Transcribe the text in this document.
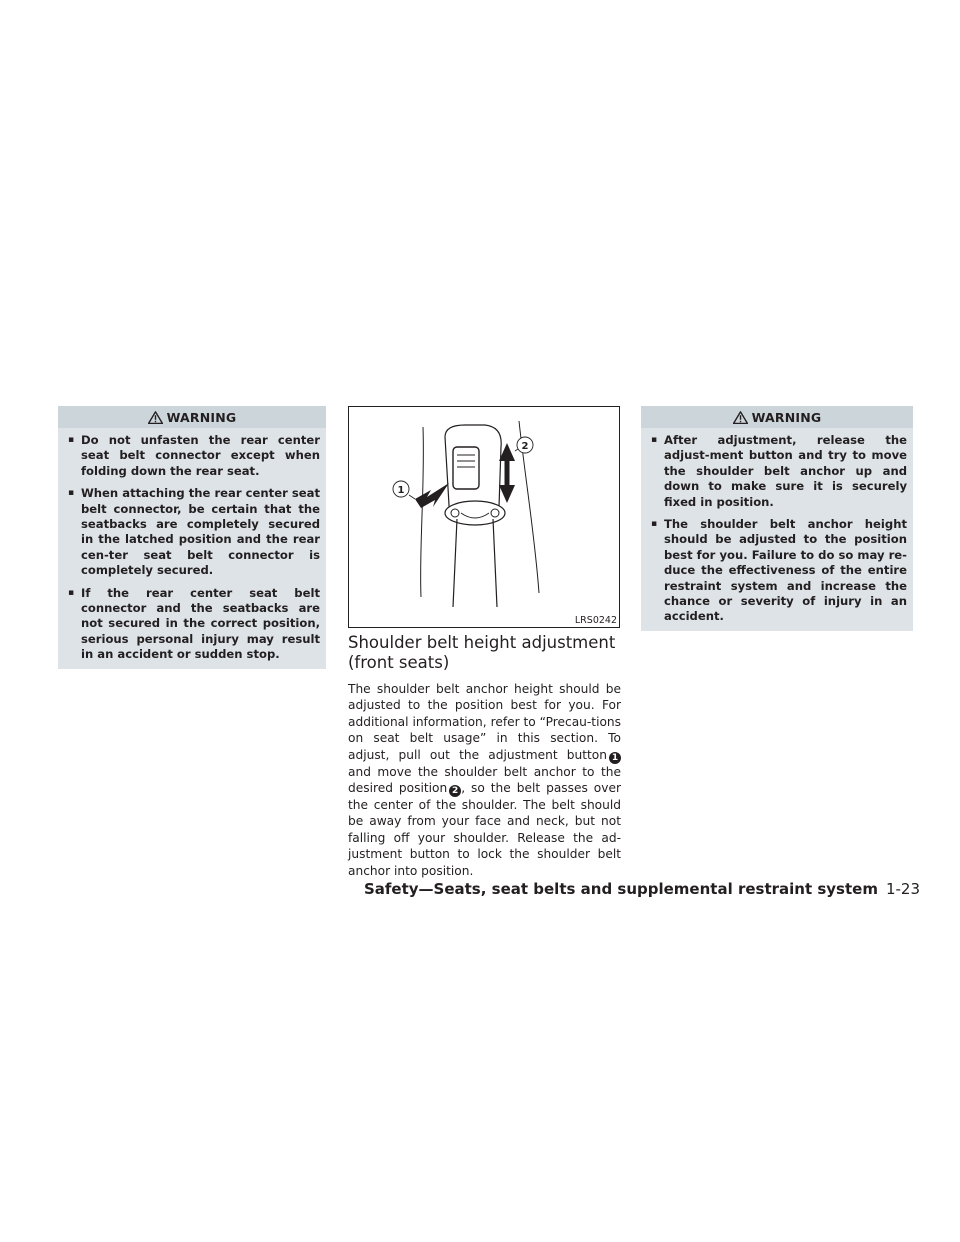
WARNING
▪ Do not unfasten the rear center seat belt connector except when folding down the rear seat.
▪ When attaching the rear center seat belt connector, be certain that the seatbacks are completely secured in the latched position and the rear cen-ter seat belt connector is completely secured.
▪ If the rear center seat belt connector and the seatbacks are not secured in the correct position, serious personal injury may result in an accident or sudden stop.
1
2
LRS0242
Shoulder belt height adjustment (front seats)

The shoulder belt anchor height should be adjusted to the position best for you. For additional information, refer to “Precau-tions on seat belt usage” in this section. To adjust, pull out the adjustment button 1 and move the shoulder belt anchor to the desired position 2 , so the belt passes over the center of the shoulder. The belt should be away from your face and neck, but not falling off your shoulder. Release the ad-justment button to lock the shoulder belt anchor into position.

WARNING
▪ After adjustment, release the adjust-ment button and try to move the shoulder belt anchor up and down to make sure it is securely fixed in position.
▪ The shoulder belt anchor height should be adjusted to the position best for you. Failure to do so may re-duce the effectiveness of the entire restraint system and increase the chance or severity of injury in an accident.
Safety—Seats, seat belts and supplemental restraint system 1-23
